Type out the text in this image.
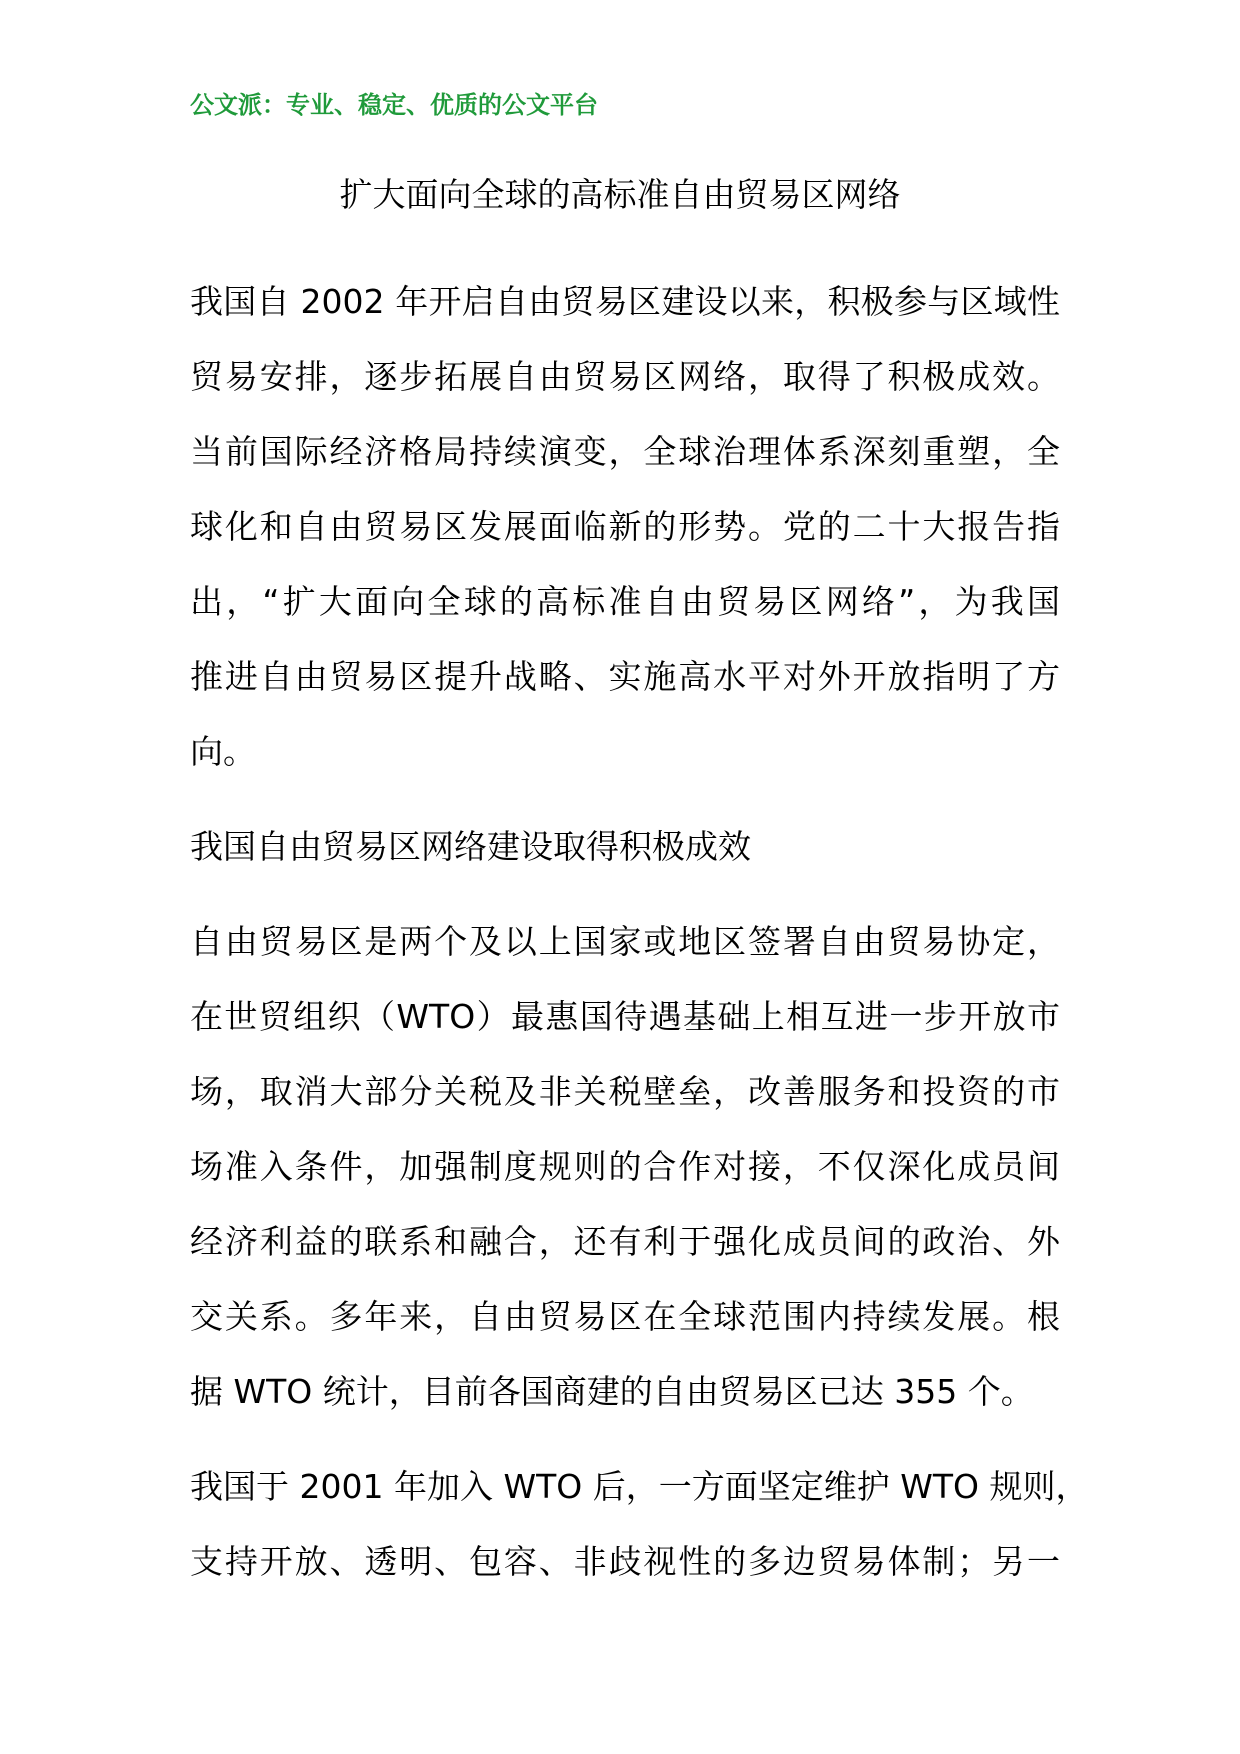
公文派：专业、稳定、优质的公文平台
扩大面向全球的高标准自由贸易区网络
我国自 2002 年开启自由贸易区建设以来，积极参与区域性
贸易安排，逐步拓展自由贸易区网络，取得了积极成效。
当前国际经济格局持续演变，全球治理体系深刻重塑，全
球化和自由贸易区发展面临新的形势。党的二十大报告指
出，“扩大面向全球的高标准自由贸易区网络”，为我国
推进自由贸易区提升战略、实施高水平对外开放指明了方
向。
我国自由贸易区网络建设取得积极成效
自由贸易区是两个及以上国家或地区签署自由贸易协定，
在世贸组织（WTO）最惠国待遇基础上相互进一步开放市
场，取消大部分关税及非关税壁垒，改善服务和投资的市
场准入条件，加强制度规则的合作对接，不仅深化成员间
经济利益的联系和融合，还有利于强化成员间的政治、外
交关系。多年来，自由贸易区在全球范围内持续发展。根
据 WTO 统计，目前各国商建的自由贸易区已达 355 个。
我国于 2001 年加入 WTO 后，一方面坚定维护 WTO 规则，
支持开放、透明、包容、非歧视性的多边贸易体制；另一
